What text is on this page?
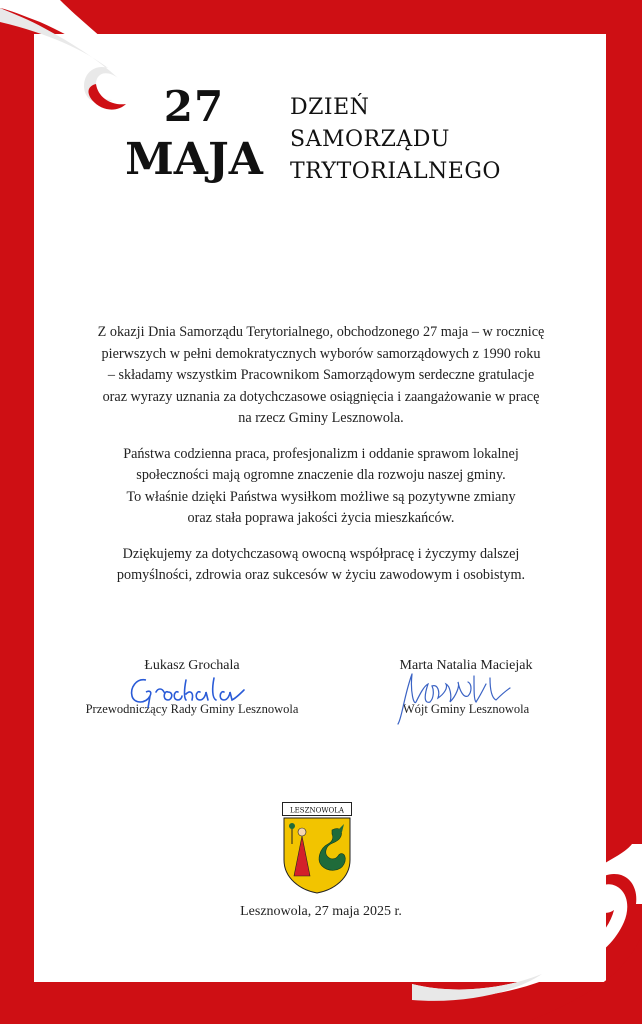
27
MAJA
DZIEŃ
SAMORZĄDU
TRYTORIALNEGO

Z okazji Dnia Samorządu Terytorialnego, obchodzonego 27 maja – w rocznicę
pierwszych w pełni demokratycznych wyborów samorządowych z 1990 roku
– składamy wszystkim Pracownikom Samorządowym serdeczne gratulacje
oraz wyrazy uznania za dotychczasowe osiągnięcia i zaangażowanie w pracę
na rzecz Gminy Lesznowola.

Państwa codzienna praca, profesjonalizm i oddanie sprawom lokalnej
społeczności mają ogromne znaczenie dla rozwoju naszej gminy.
To właśnie dzięki Państwa wysiłkom możliwe są pozytywne zmiany
oraz stała poprawa jakości życia mieszkańców.

Dziękujemy za dotychczasową owocną współpracę i życzymy dalszej
pomyślności, zdrowia oraz sukcesów w życiu zawodowym i osobistym.

Łukasz Grochala
Przewodniczący Rady Gminy Lesznowola
Marta Natalia Maciejak
Wójt Gminy Lesznowola
LESZNOWOLA
Lesznowola, 27 maja 2025 r.
